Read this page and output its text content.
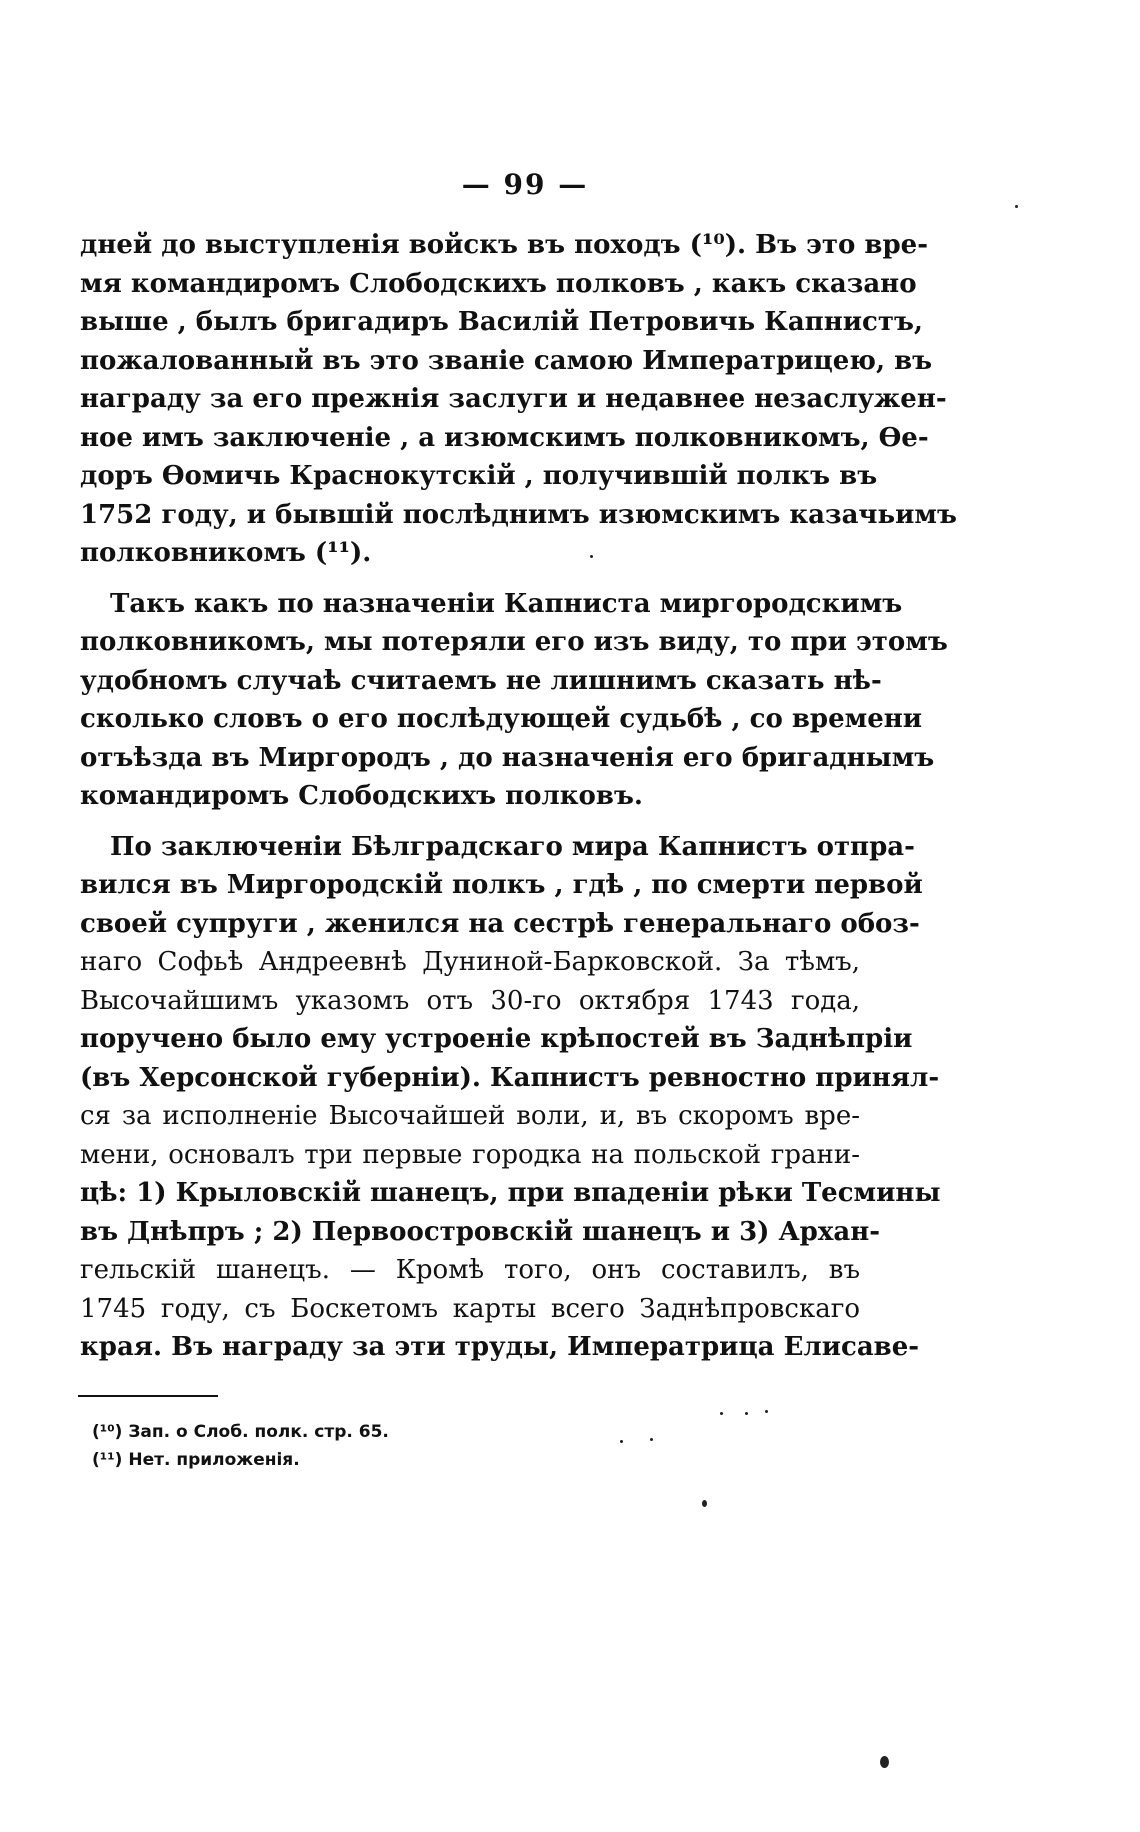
— 99 —
дней до выступленія войскъ въ походъ (¹⁰). Въ это вре-
мя командиромъ Слободскихъ полковъ , какъ сказано
выше , былъ бригадиръ Василій Петровичь Капнистъ,
пожалованный въ это званіе самою Императрицею, въ
награду за его прежнія заслуги и недавнее незаслужен-
ное имъ заключеніе , а изюмскимъ полковникомъ, Ѳе-
доръ Ѳомичь Краснокутскій , получившій полкъ въ
1752 году, и бывшій послѣднимъ изюмскимъ казачьимъ
полковникомъ (¹¹).
Такъ какъ по назначеніи Капниста миргородскимъ
полковникомъ, мы потеряли его изъ виду, то при этомъ
удобномъ случаѣ считаемъ не лишнимъ сказать нѣ-
сколько словъ о его послѣдующей судьбѣ , со времени
отъѣзда въ Миргородъ , до назначенія его бригаднымъ
командиромъ Слободскихъ полковъ.
По заключеніи Бѣлградскаго мира Капнистъ отпра-
вился въ Миргородскій полкъ , гдѣ , по смерти первой
своей супруги , женился на сестрѣ генеральнаго обоз-
наго Софьѣ Андреевнѣ Дуниной-Барковской. За тѣмъ,
Высочайшимъ указомъ отъ 30-го октября 1743 года,
поручено было ему устроеніе крѣпостей въ Заднѣпріи
(въ Херсонской губерніи). Капнистъ ревностно принял-
ся за исполненіе Высочайшей воли, и, въ скоромъ вре-
мени, основалъ три первые городка на польской грани-
цѣ: 1) Крыловскій шанецъ, при впаденіи рѣки Тесмины
въ Днѣпръ ; 2) Первоостровскій шанецъ и 3) Архан-
гельскій шанецъ. — Кромѣ того, онъ составилъ, въ
1745 году, съ Боскетомъ карты всего Заднѣпровскаго
края. Въ награду за эти труды, Императрица Елисаве-
(¹⁰) Зап. о Слоб. полк. стр. 65.
(¹¹) Нет. приложенія.
